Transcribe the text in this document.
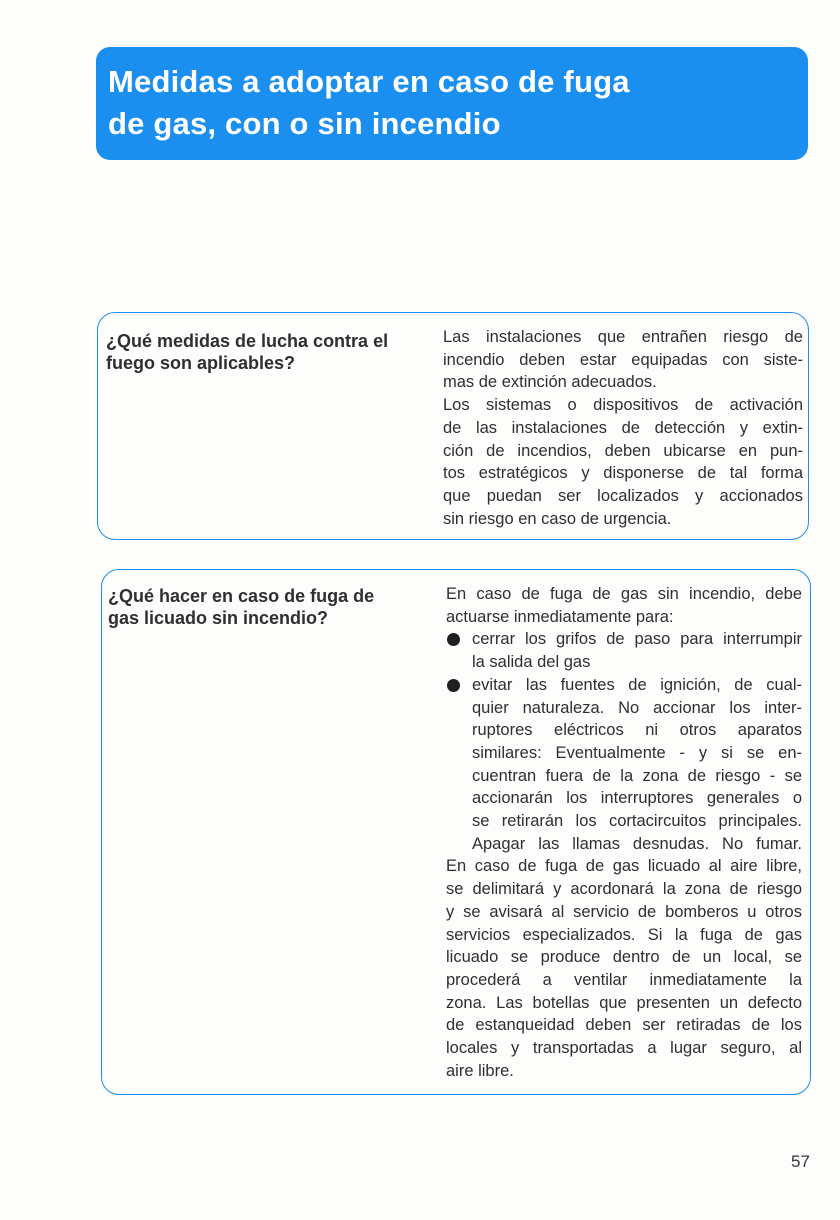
Medidas a adoptar en caso de fuga
de gas, con o sin incendio
¿Qué medidas de lucha contra el
fuego son aplicables?
Las instalaciones que entrañen riesgo de
incendio deben estar equipadas con siste-
mas de extinción adecuados.
Los sistemas o dispositivos de activación
de las instalaciones de detección y extin-
ción de incendios, deben ubicarse en pun-
tos estratégicos y disponerse de tal forma
que puedan ser localizados y accionados
sin riesgo en caso de urgencia.
¿Qué hacer en caso de fuga de
gas licuado sin incendio?
En caso de fuga de gas sin incendio, debe
actuarse inmediatamente para:
cerrar los grifos de paso para interrumpir
la salida del gas
evitar las fuentes de ignición, de cual-
quier naturaleza. No accionar los inter-
ruptores eléctricos ni otros aparatos
similares: Eventualmente - y si se en-
cuentran fuera de la zona de riesgo - se
accionarán los interruptores generales o
se retirarán los cortacircuitos principales.
Apagar las llamas desnudas. No fumar.
En caso de fuga de gas licuado al aire libre,
se delimitará y acordonará la zona de riesgo
y se avisará al servicio de bomberos u otros
servicios especializados. Si la fuga de gas
licuado se produce dentro de un local, se
procederá a ventilar inmediatamente la
zona. Las botellas que presenten un defecto
de estanqueidad deben ser retiradas de los
locales y transportadas a lugar seguro, al
aire libre.
57
